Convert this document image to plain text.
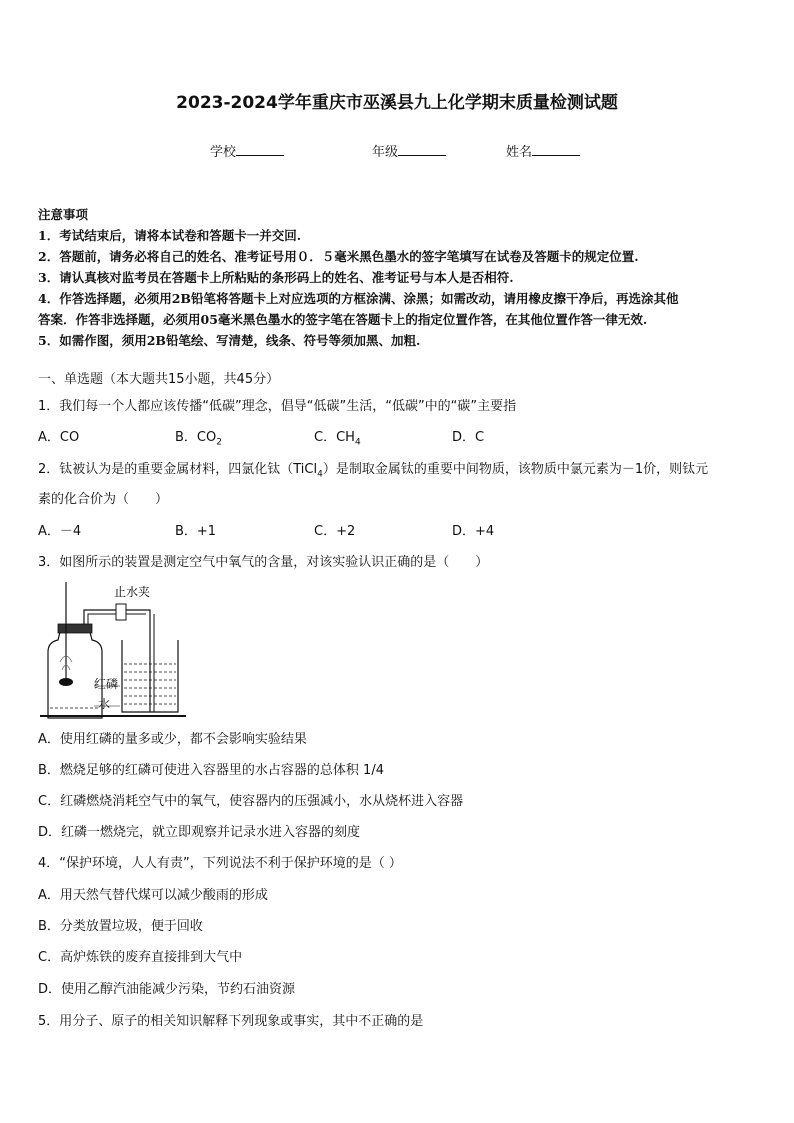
2023-2024学年重庆市巫溪县九上化学期末质量检测试题
学校	年级	姓名
注意事项
1．考试结束后，请将本试卷和答题卡一并交回.
2．答题前，请务必将自己的姓名、准考证号用０．５毫米黑色墨水的签字笔填写在试卷及答题卡的规定位置.
3．请认真核对监考员在答题卡上所粘贴的条形码上的姓名、准考证号与本人是否相符.
4．作答选择题，必须用2B铅笔将答题卡上对应选项的方框涂满、涂黑；如需改动，请用橡皮擦干净后，再选涂其他
答案．作答非选择题，必须用05毫米黑色墨水的签字笔在答题卡上的指定位置作答，在其他位置作答一律无效.
5．如需作图，须用2B铅笔绘、写清楚，线条、符号等须加黑、加粗.
一、单选题（本大题共15小题，共45分）
1．我们每一个人都应该传播“低碳”理念，倡导“低碳”生活，“低碳”中的“碳”主要指
A．CO	B．$CO_2$	C．$CH_4$	D．C
2．钛被认为是的重要金属材料，四氯化钛（TiCl$_4$）是制取金属钛的重要中间物质，该物质中氯元素为－1价，则钛元
素的化合价为（　　）
A．－4	B．+1	C．+2	D．+4
3．如图所示的装置是测定空气中氧气的含量，对该实验认识正确的是（　　）
止水夹
红磷
水
A．使用红磷的量多或少，都不会影响实验结果
B．燃烧足够的红磷可使进入容器里的水占容器的总体积 1/4
C．红磷燃烧消耗空气中的氧气，使容器内的压强减小，水从烧杯进入容器
D．红磷一燃烧完，就立即观察并记录水进入容器的刻度
4．“保护环境，人人有责”，下列说法不利于保护环境的是（ ）
A．用天然气替代煤可以减少酸雨的形成
B．分类放置垃圾，便于回收
C．高炉炼铁的废弃直接排到大气中
D．使用乙醇汽油能减少污染，节约石油资源
5．用分子、原子的相关知识解释下列现象或事实，其中不正确的是
